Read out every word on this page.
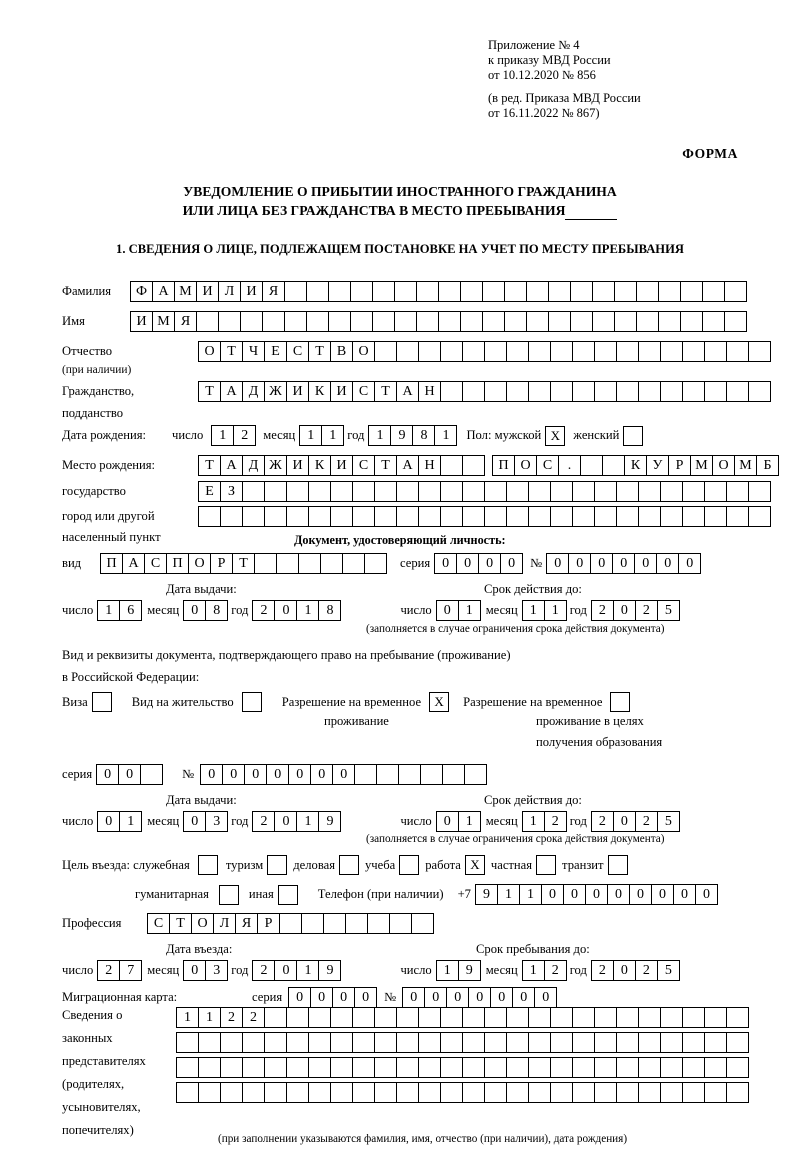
Приложение № 4
к приказу МВД России
от 10.12.2020 № 856
(в ред. Приказа МВД России
от 16.11.2022 № 867)
ФОРМА
УВЕДОМЛЕНИЕ О ПРИБЫТИИ ИНОСТРАННОГО ГРАЖДАНИНА
ИЛИ ЛИЦА БЕЗ ГРАЖДАНСТВА В МЕСТО ПРЕБЫВАНИЯ
1. СВЕДЕНИЯ О ЛИЦЕ, ПОДЛЕЖАЩЕМ ПОСТАНОВКЕ НА УЧЕТ ПО МЕСТУ ПРЕБЫВАНИЯ
Фамилия	Ф А М И Л И Я
Имя	И М Я
Отчество	О Т Ч Е С Т В О
(при наличии)
Гражданство,	Т А Д Ж И К И С Т А Н
подданство
Дата рождения:	число	1	2	месяц 1	1 год 1	9	8	1	Пол: мужской X	женский
Место рождения:	Т А Д Ж И К И С Т А Н	П О С	.	К У Р М О М Б
государство	Е	З
город или другой
населенный пункт	Документ, удостоверяющий личность:
вид	П А С П О Р Т	серия 0	0	0	0	№ 0	0	0	0	0	0	0
Дата выдачи:	Срок действия до:
число 1	6	месяц 0	8 год 2	0	1	8	число 0	1	месяц 1	1 год 2	0	2	5
(заполняется в случае ограничения срока действия документа)
Вид и реквизиты документа, подтверждающего право на пребывание (проживание)
в Российской Федерации:
Виза	Вид на жительство	Разрешение на временное	X	Разрешение на временное
проживание	проживание в целях
получения образования
серия 0	0	№	0	0	0	0	0	0	0
Дата выдачи:	Срок действия до:
число 0	1	месяц 0	3 год 2	0	1	9	число 0	1	месяц 1	2 год 2	0	2	5
(заполняется в случае ограничения срока действия документа)
Цель въезда: служебная	туризм деловая учеба работа X частная транзит
гуманитарная	иная	Телефон (при наличии) +7 9	1	1	0	0	0	0	0	0	0	0
Профессия	С Т О Л Я Р
Дата въезда:	Срок пребывания до:
число 2	7	месяц 0	3 год 2	0	1	9	число 1	9	месяц 1	2 год 2	0	2	5
Миграционная карта:	серия	0	0	0	0	№	0	0	0	0	0	0	0
Сведения о
законных
представителях
(родителях,
усыновителях,
попечителях)
1	1	2	2
(при заполнении указываются фамилия, имя, отчество (при наличии), дата рождения)
